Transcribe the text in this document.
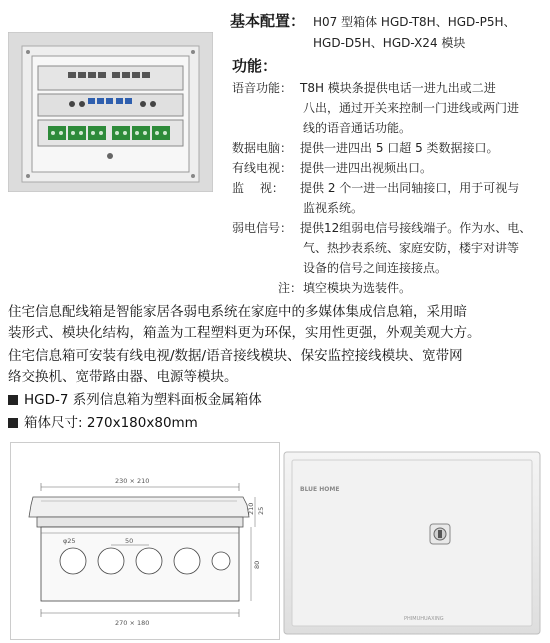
基本配置： H07 型箱体 HGD-T8H、HGD-P5H、
HGD-D5H、HGD-X24 模块
功能：
语音功能： T8H 模块条提供电话一进九出或二进
八出，通过开关来控制一门进线或两门进
线的语音通话功能。
数据电脑： 提供一进四出 5 口超 5 类数据接口。
有线电视： 提供一进四出视频出口。
监　 视： 提供 2 个一进一出同轴接口，用于可视与
监视系统。
弱电信号： 提供12组弱电信号接线端子。作为水、电、
气、热抄表系统、家庭安防，楼宇对讲等
设备的信号之间连接接点。
注： 填空模块为选装件。
住宅信息配线箱是智能家居各弱电系统在家庭中的多媒体集成信息箱，采用暗
装形式、模块化结构，箱盖为工程塑料更为环保，实用性更强，外观美观大方。
住宅信息箱可安装有线电视/数据/语音接线模块、保安监控接线模块、宽带网
络交换机、宽带路由器、电源等模块。
HGD-7 系列信息箱为塑料面板金属箱体
箱体尺寸: 270x180x80mm
230 × 210
φ25	50
210 25
80
270 × 180
BLUE HOME
PHIMUHUAXING
